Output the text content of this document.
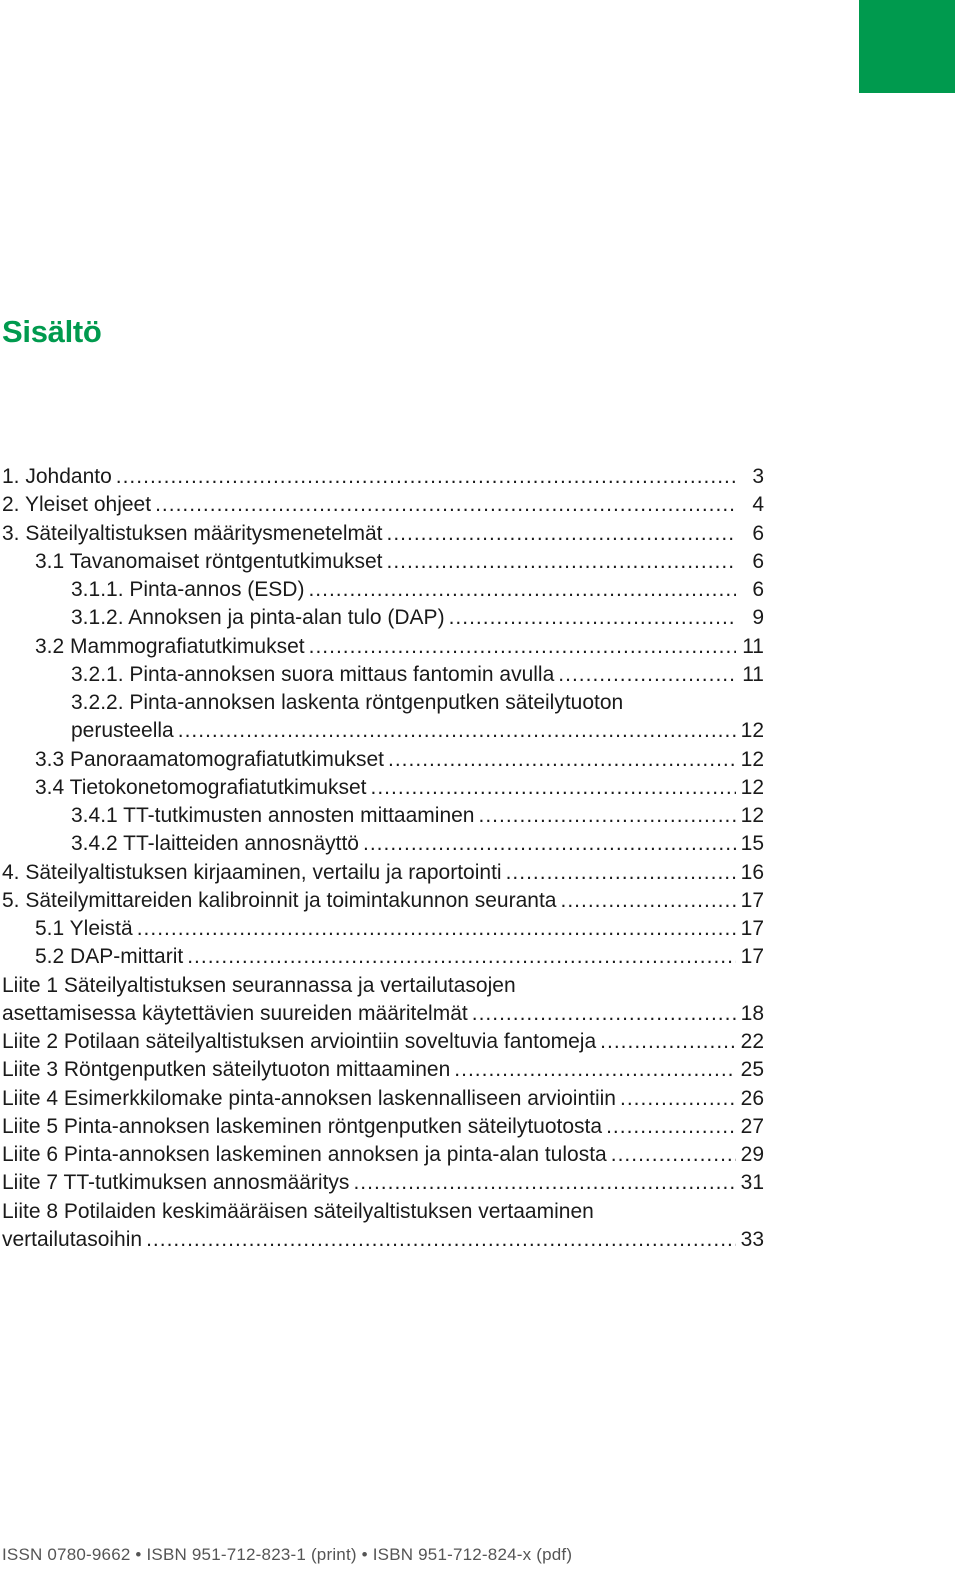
Sisältö
1. Johdanto .....	3
2. Yleiset ohjeet .....	4
3. Säteilyaltistuksen määritysmenetelmät .....	6
3.1 Tavanomaiset röntgentutkimukset .....	6
3.1.1. Pinta-annos (ESD) .....	6
3.1.2. Annoksen ja pinta-alan tulo (DAP) .....	9
3.2 Mammografiatutkimukset .....	11
3.2.1. Pinta-annoksen suora mittaus fantomin avulla .....	11
3.2.2. Pinta-annoksen laskenta röntgenputken säteilytuoton
perusteella .....	12
3.3 Panoraamatomografiatutkimukset .....	12
3.4 Tietokonetomografiatutkimukset .....	12
3.4.1 TT-tutkimusten annosten mittaaminen .....	12
3.4.2 TT-laitteiden annosnäyttö .....	15
4. Säteilyaltistuksen kirjaaminen, vertailu ja raportointi .....	16
5. Säteilymittareiden kalibroinnit ja toimintakunnon seuranta .....	17
5.1 Yleistä .....	17
5.2 DAP-mittarit .....	17
Liite 1 Säteilyaltistuksen seurannassa ja vertailutasojen
asettamisessa käytettävien suureiden määritelmät .....	18
Liite 2 Potilaan säteilyaltistuksen arviointiin soveltuvia fantomeja .....	22
Liite 3 Röntgenputken säteilytuoton mittaaminen .....	25
Liite 4 Esimerkkilomake pinta-annoksen laskennalliseen arviointiin .....	26
Liite 5 Pinta-annoksen laskeminen röntgenputken säteilytuotosta .....	27
Liite 6 Pinta-annoksen laskeminen annoksen ja pinta-alan tulosta .....	29
Liite 7 TT-tutkimuksen annosmääritys .....	31
Liite 8 Potilaiden keskimääräisen säteilyaltistuksen vertaaminen
vertailutasoihin .....	33

ISSN 0780-9662 • ISBN 951-712-823-1 (print) • ISBN 951-712-824-x (pdf)
